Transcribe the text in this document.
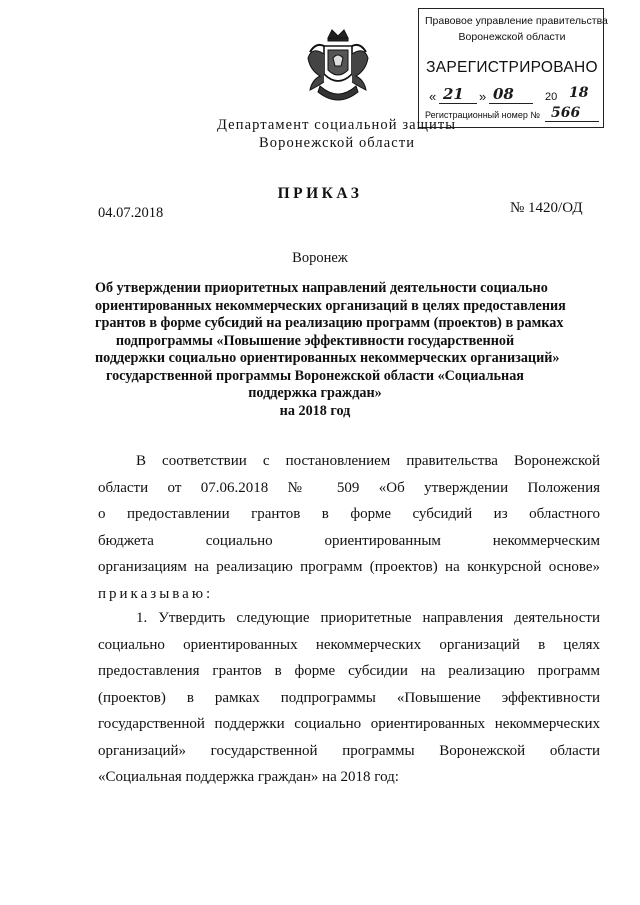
Правовое управление правительства
Воронежской области
ЗАРЕГИСТРИРОВАНО
« 21 » 08	20 18
Регистрационный номер № 566
Департамент социальной защиты
Воронежской области
ПРИКАЗ
04.07.2018	№ 1420/ОД
Воронеж
Об утверждении приоритетных направлений деятельности социально
ориентированных некоммерческих организаций в целях предоставления
грантов в форме субсидий на реализацию программ (проектов) в рамках
подпрограммы «Повышение эффективности государственной
поддержки социально ориентированных некоммерческих организаций»
государственной программы Воронежской области «Социальная
поддержка граждан»
на 2018 год
В соответствии с постановлением правительства Воронежской
области от 07.06.2018 № 509 «Об утверждении Положения
о предоставлении грантов в форме субсидий из областного
бюджета социально ориентированным некоммерческим
организациям на реализацию программ (проектов) на конкурсной основе»
приказываю:
1. Утвердить следующие приоритетные направления деятельности
социально ориентированных некоммерческих организаций в целях
предоставления грантов в форме субсидии на реализацию программ
(проектов) в рамках подпрограммы «Повышение эффективности
государственной поддержки социально ориентированных некоммерческих
организаций» государственной программы Воронежской области
«Социальная поддержка граждан» на 2018 год:
